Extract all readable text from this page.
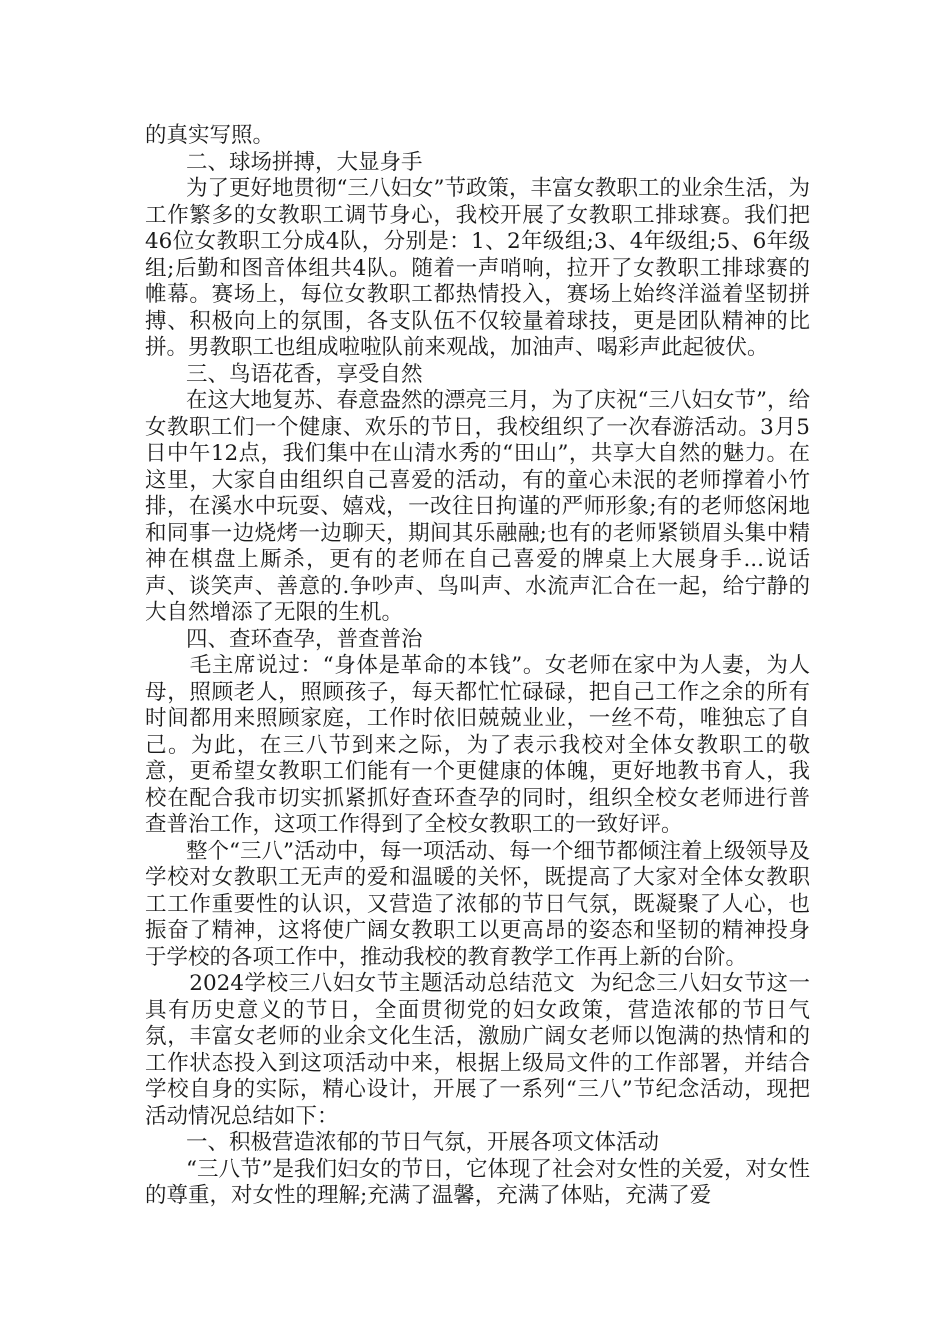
的真实写照。

二、球场拼搏，大显身手

为了更好地贯彻“三八妇女”节政策，丰富女教职工的业余生活，为工作繁多的女教职工调节身心，我校开展了女教职工排球赛。我们把46位女教职工分成4队，分别是：1、2年级组;3、4年级组;5、6年级组;后勤和图音体组共4队。随着一声哨响，拉开了女教职工排球赛的帷幕。赛场上，每位女教职工都热情投入，赛场上始终洋溢着坚韧拼搏、积极向上的氛围，各支队伍不仅较量着球技，更是团队精神的比拼。男教职工也组成啦啦队前来观战，加油声、喝彩声此起彼伏。

三、鸟语花香，享受自然

在这大地复苏、春意盎然的漂亮三月，为了庆祝“三八妇女节”，给女教职工们一个健康、欢乐的节日，我校组织了一次春游活动。3月5日中午12点，我们集中在山清水秀的“田山”，共享大自然的魅力。在这里，大家自由组织自己喜爱的活动，有的童心未泯的老师撑着小竹排，在溪水中玩耍、嬉戏，一改往日拘谨的严师形象;有的老师悠闲地和同事一边烧烤一边聊天，期间其乐融融;也有的老师紧锁眉头集中精神在棋盘上厮杀，更有的老师在自己喜爱的牌桌上大展身手...说话声、谈笑声、善意的.争吵声、鸟叫声、水流声汇合在一起，给宁静的大自然增添了无限的生机。

四、查环查孕，普查普治

毛主席说过：“身体是革命的本钱”。女老师在家中为人妻，为人母，照顾老人，照顾孩子，每天都忙忙碌碌，把自己工作之余的所有时间都用来照顾家庭，工作时依旧兢兢业业，一丝不苟，唯独忘了自己。为此，在三八节到来之际，为了表示我校对全体女教职工的敬意，更希望女教职工们能有一个更健康的体魄，更好地教书育人，我校在配合我市切实抓紧抓好查环查孕的同时，组织全校女老师进行普查普治工作，这项工作得到了全校女教职工的一致好评。

整个“三八”活动中，每一项活动、每一个细节都倾注着上级领导及学校对女教职工无声的爱和温暖的关怀，既提高了大家对全体女教职工工作重要性的认识，又营造了浓郁的节日气氛，既凝聚了人心，也振奋了精神，这将使广阔女教职工以更高昂的姿态和坚韧的精神投身于学校的各项工作中，推动我校的教育教学工作再上新的台阶。

2024学校三八妇女节主题活动总结范文  为纪念三八妇女节这一具有历史意义的节日，全面贯彻党的妇女政策，营造浓郁的节日气氛，丰富女老师的业余文化生活，激励广阔女老师以饱满的热情和的工作状态投入到这项活动中来，根据上级局文件的工作部署，并结合学校自身的实际，精心设计，开展了一系列“三八”节纪念活动，现把活动情况总结如下：

一、积极营造浓郁的节日气氛，开展各项文体活动

“三八节”是我们妇女的节日，它体现了社会对女性的关爱，对女性的尊重，对女性的理解;充满了温馨，充满了体贴，充满了爱
